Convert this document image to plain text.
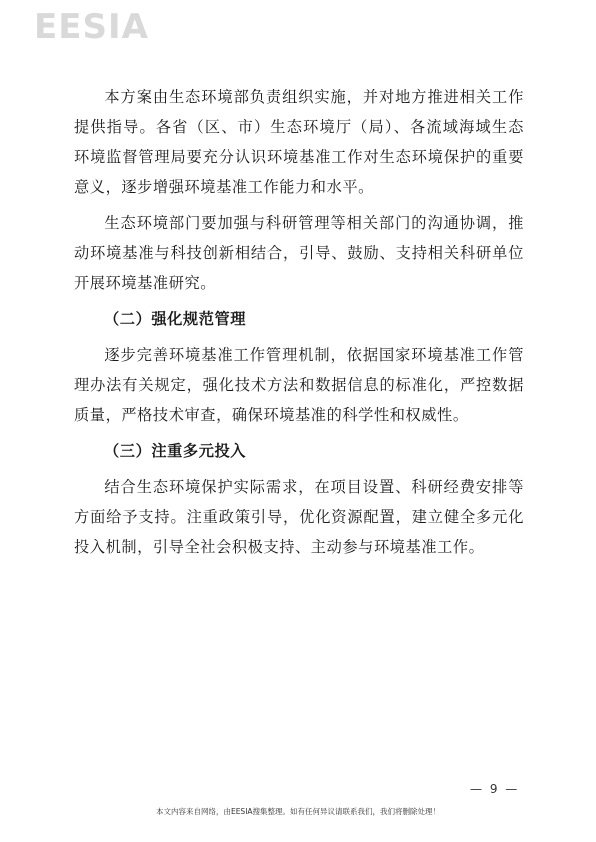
EESIA

本方案由生态环境部负责组织实施，并对地方推进相关工作提供指导。各省（区、市）生态环境厅（局）、各流域海域生态环境监督管理局要充分认识环境基准工作对生态环境保护的重要意义，逐步增强环境基准工作能力和水平。

生态环境部门要加强与科研管理等相关部门的沟通协调，推动环境基准与科技创新相结合，引导、鼓励、支持相关科研单位开展环境基准研究。

（二）强化规范管理

逐步完善环境基准工作管理机制，依据国家环境基准工作管理办法有关规定，强化技术方法和数据信息的标准化，严控数据质量，严格技术审查，确保环境基准的科学性和权威性。

（三）注重多元投入

结合生态环境保护实际需求，在项目设置、科研经费安排等方面给予支持。注重政策引导，优化资源配置，建立健全多元化投入机制，引导全社会积极支持、主动参与环境基准工作。

— 9 —
本文内容来自网络，由EESIA搜集整理。如有任何异议请联系我们，我们将删除处理！
